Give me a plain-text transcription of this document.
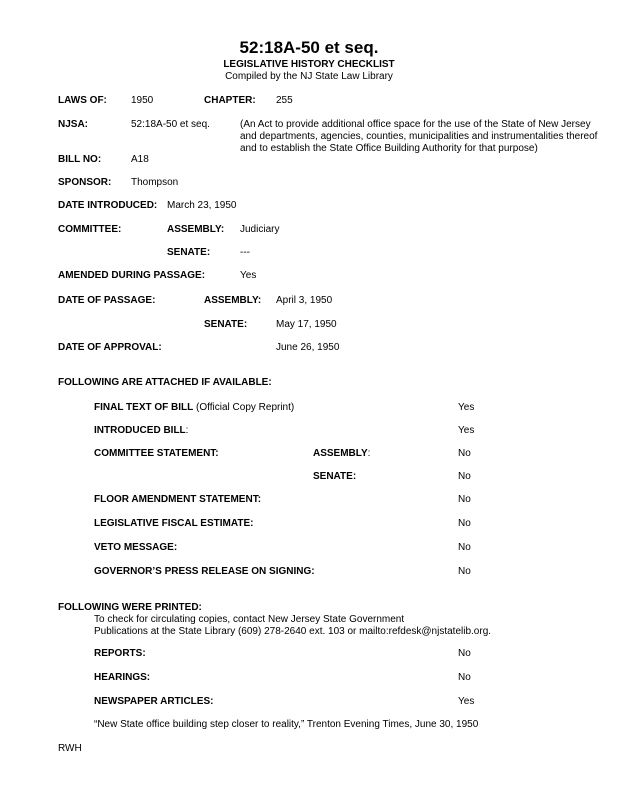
52:18A-50 et seq.
LEGISLATIVE HISTORY CHECKLIST
Compiled by the NJ State Law Library
LAWS OF: 1950	CHAPTER: 255
NJSA:	52:18A-50 et seq.	(An Act to provide additional office space for the use of the State of New Jersey
and departments, agencies, counties, municipalities and instrumentalities thereof
and to establish the State Office Building Authority for that purpose)
BILL NO:	A18
SPONSOR: Thompson
DATE INTRODUCED: March 23, 1950
COMMITTEE:	ASSEMBLY: Judiciary
SENATE:	---
AMENDED DURING PASSAGE:	Yes
DATE OF PASSAGE:	ASSEMBLY: April 3, 1950
SENATE:	May 17, 1950
DATE OF APPROVAL:	June 26, 1950
FOLLOWING ARE ATTACHED IF AVAILABLE:
FINAL TEXT OF BILL (Official Copy Reprint)	Yes
INTRODUCED BILL:	Yes
COMMITTEE STATEMENT:	ASSEMBLY:	No
SENATE:	No
FLOOR AMENDMENT STATEMENT:	No
LEGISLATIVE FISCAL ESTIMATE:	No
VETO MESSAGE:	No
GOVERNOR’S PRESS RELEASE ON SIGNING:	No
FOLLOWING WERE PRINTED:
To check for circulating copies, contact New Jersey State Government
Publications at the State Library (609) 278-2640 ext. 103 or mailto:refdesk@njstatelib.org.
REPORTS:	No
HEARINGS:	No
NEWSPAPER ARTICLES:	Yes
“New State office building step closer to reality,” Trenton Evening Times, June 30, 1950
RWH
